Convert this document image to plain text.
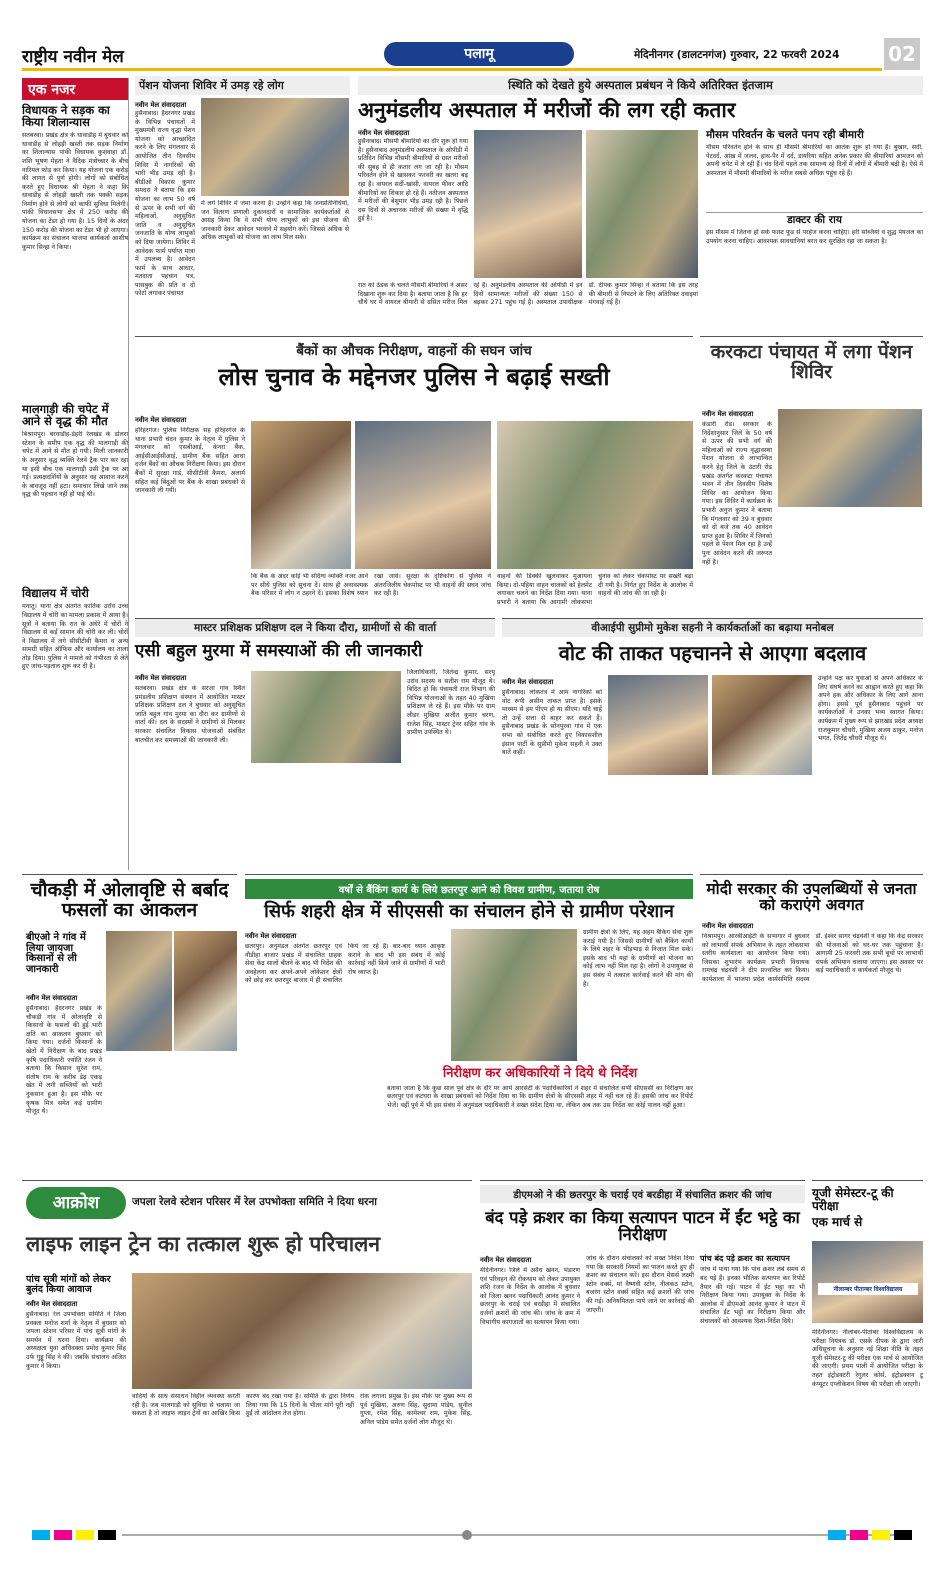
राष्ट्रीय नवीन मेल	पलामू	मेदिनीनगर (डालटनगंज) गुरुवार, 22 फरवरी 2024 02
एक नजर
विधायक ने सड़क का किया शिलान्यास
सतबरवा। प्रखंड क्षेत्र के धावाडीह में बुधवार को धावाडीह से लोहड़ी खस्ती तक सड़क निर्माण का शिलान्यास पांकी विधायक कुशवाहा डॉ. शशि भूषण मेहता ने वैदिक मंत्रोच्चार के बीच नारियल फोड़ कर किया। यह योजना एक करोड़ की लागत से पूर्ण होगी। लोगों को संबोधित करते हुए विधायक श्री मेहता ने कहा कि धावाडीह से लोहड़ी खस्ती तक पक्की सड़क निर्माण होने से लोगों को काफी सुविधा मिलेगी। पांकी विधानसभा क्षेत्र में 250 करोड़ की योजना का टेंडर हो गया है। 15 दिनों के अंदर 150 करोड़ की योजना का टेंडर भी हो जाएगा। कार्यक्रम का संचालन भाजपा कार्यकर्ता आशीष कुमार सिन्हा ने किया।
मालगाड़ी की चपेट में आने से वृद्ध की मौत
बिश्रामपुर। बरवाडीह-डेहरी रेलखंड के डोलरा स्टेशन के समीप एक वृद्ध की मालगाड़ी की चपेट में आने से मौत हो गयी। मिली जानकारी के अनुसार वृद्ध व्यक्ति रेलवे ट्रैक पार कर रहा था इसी बीच एक मालगाड़ी उसी ट्रैक पर आ गई। प्रत्यक्षदर्शियों के अनुसार वह आवाज करने के बावजूद नहीं हटा। समाचार लिखे जाने तक वृद्ध की पहचान नहीं हो पाई थी।
विद्यालय में चोरी
मनातू। थाना क्षेत्र अंतर्गत कार्तिक उराँव उच्च विद्यालय में चोरी का मामला प्रकाश में आया है। सूत्रों ने बताया कि रात के अंधेरे में चोरों ने विद्यालय से कई सामान की चोरी कर ली। चोरों ने विद्यालय में लगे सीसीटीवी कैमरा व अन्य सामग्री सहित ऑफिस और कार्यालय का ताला तोड़ दिया। पुलिस ने मामले को गंभीरता से लेते हुए जांच-पड़ताल शुरू कर दी है।
पेंशन योजना शिविर में उमड़ रहे लोग
नवीन मेल संवाददाता
हुसैनाबाद। हैदरनगर प्रखंड के विभिन्न पंचायतों में मुख्यमंत्री राज्य वृद्धा पेंशन योजना को आच्छादित करने के लिए मंगलवार से आयोजित तीन दिवसीय शिविर में नागरिकों की भारी भीड़ उमड़ रही है। बीडीओ विकास कुमार समदरा ने बताया कि इस योजना का लाभ 50 वर्ष से ऊपर के सभी वर्ग की महिलाओं, अनुसूचित जाति व अनुसूचित जनजाति के योग्य लाभुकों को दिया जायेगा। शिविर में आवेदक फार्म पर्याप्त मात्रा में उपलब्ध है। आवेदन फार्म के साथ आधार, मतदाता पहचान पत्र, पासबुक की प्रति व दो फोटो लगाकर पंचायत
में लगे शिविर में जमा करना है। उन्होंने कहा कि जनप्रतिनिधियों, जन वितरण प्रणाली दुकानदारों व सामाजिक कार्यकर्ताओं से आग्रह किया कि वे सभी योग्य लाभुकों को इस योजना की जानकारी देकर आवेदन भरवाने में सहयोग करें। जिससे अधिक से अधिक लाभुकों को योजना का लाभ मिल सके।
स्थिति को देखते हुये अस्पताल प्रबंधन ने किये अतिरिक्त इंतजाम
अनुमंडलीय अस्पताल में मरीजों की लग रही कतार
नवीन मेल संवाददाता
हुसैनाबाद। मौसमी बीमारियों का दौर शुरू हो गया है। हुसैनाबाद अनुमंडलीय अस्पताल के ओपीडी में प्रतिदिन विभिन्न मौसमी बीमारियों से ग्रस्त मरीजों की सुबह से ही कतार लग जा रही है। मौसम परिवर्तन होने से खासकर फरवरी का खतरा बढ़ रहा है। वायरल सर्दी-खांसी, वायरल फीवर आदि बीमारियों का शिकार हो रहे हैं। नतीजन अस्पताल में मरीजों की बेशुमार भीड़ उमड़ रही है। पिछले दस दिनों से अचानक मरीजों की संख्या में वृद्धि हुई है।
रात को ठंडक के चलते मौसमी बीमारियों ने असर दिखाना शुरू कर दिया है। बताया जाता है कि हर चौथे घर में वायरल बीमारी से ग्रसित मरीज मिल रहे हैं। अनुमंडलीय अस्पताल की ओपीडी में इन दिनों सामान्यतः मरीजों की संख्या 150 से बढ़कर 271 पहुंच गई है। अस्पताल उपाधीक्षक डॉ. दीपक कुमार सिन्हा ने बताया कि इस तरह की बीमारी से निपटने के लिए अतिरिक्त दवाइयां मंगवाई गई हैं।
मौसम परिवर्तन के चलते पनप रही बीमारी
मौसम परिवर्तन होने के साथ ही मौसमी बीमारियों का आतंक शुरू हो गया है। बुखार, सर्दी, पेटदर्द, आंख में जलन, हाथ-पैर में दर्द, डायरिया सहित अनेक प्रकार की बीमारियां आमजन को अपनी चपेट में ले रही हैं। चंद दिनों पहले तक सामान्य रहे दिनों में लोगों में बीमारी बढ़ी है। ऐसे में अस्पताल में मौसमी बीमारियों के मरीज सबसे अधिक पहुंच रहे हैं।
डाक्टर की राय
इस मौसम में जितना हो सके फास्ट फूड से परहेज करना चाहिए। हरी सब्जियां व शुद्ध पेयजल का उपयोग करना चाहिए। आवश्यक सावधानियां बरत कर सुरक्षित रहा जा सकता है।
बैंकों का औचक निरीक्षण, वाहनों की सघन जांच
लोस चुनाव के मद्देनजर पुलिस ने बढ़ाई सख्ती
नवीन मेल संवाददाता
हरिहरगंज। पुलिस निरीक्षक सह हरिहरगंज के थाना प्रभारी चंदन कुमार के नेतृत्व में पुलिस ने मंगलवार को एसबीआई, केनरा बैंक, आईसीआईसीआई, ग्रामीण बैंक सहित आधा दर्जन बैंकों का औचक निरीक्षण किया। इस दौरान बैंकों में सुरक्षा गार्ड, सीसीटीवी कैमरा, अलार्म सहित कई बिंदुओं पर बैंक के शाखा प्रबंधकों से जानकारी ली गयी।
कि बैंक के अंदर कोई भी संदिग्ध व्यक्ति नजर आने पर सीधे पुलिस को सूचना दें। साथ ही अनावश्यक बैंक परिसर में लोग न ठहरने दें। इसका विशेष ध्यान रखा जाये। सुरक्षा के दृष्टिकोण से पुलिस ने अंतरजिलीय चेकपोस्ट पर भी वाहनों की सघन जांच कर रही है।
वाहनों की डिक्की खुलवाकर मुआयना किया। दो-पहिया वाहन चालकों को हेलमेट लगाकर चलने का निर्देश दिया गया। थाना प्रभारी ने बताया कि आगामी लोकसभा चुनाव को लेकर चेकपोस्ट पर सख्ती बढ़ा दी गयी है। निर्गत हुए निर्देश के आलोक में वाहनों की जांच की जा रही है।
करकटा पंचायत में लगा पेंशन शिविर
नवीन मेल संवाददाता
कंडारी रोड। सरकार के निर्देशानुसार जिले के 50 वर्ष से ऊपर की सभी वर्ग की महिलाओं को राज्य वृद्धावस्था पेंशन योजना से लाभान्वित करने हेतु जिले के उंटारी रोड प्रखंड अंतर्गत करकटा पंचायत भवन में तीन दिवसीय विशेष शिविर का आयोजन किया गया। इस शिविर में कार्यक्रम के प्रभारी अनुज कुमार ने बताया कि मंगलवार को 39 व बुधवार को दो बजे तक 40 आवेदन प्राप्त हुआ है। शिविर में जिनको पहले से पेंशन मिल रहा है उन्हें पुनः आवेदन करने की जरूरत नहीं है।
मास्टर प्रशिक्षक प्रशिक्षण दल ने किया दौरा, ग्रामीणों से की वार्ता
एसी बहुल मुरमा में समस्याओं की ली जानकारी
नवीन मेल संवाददाता
सतबरवा। प्रखंड क्षेत्र के सरजा गांव स्थित प्रमंडलीय प्रशिक्षण संस्थान में आयोजित मास्टर प्रशिक्षक प्रशिक्षण दल ने बुधवार को अनुसूचित जाति बहुल गांव मुरमा का दौरा कर ग्रामीणों से वार्ता की। दल के सदस्यों ने ग्रामीणों से मिलकर सरकार संचालित विकास योजनाओं संबंधित बातचीत कर समस्याओं की जानकारी ली।
जिलाधिकारी, जितेन्द्र कुमार, सरयू उरांव सदस्य व सतीश राम मौजूद थे। बिदित हो कि पंचायती राज विभाग की विभिन्न योजनाओं के तहत 40 मुखिया प्रशिक्षण ले रहे हैं। इस मौके पर ग्राम लीडर मुखिया अजीत कुमार चरण, राजेश सिंह, मास्टर ट्रेनर सहित गांव के ग्रामीण उपस्थित थे।
वीआईपी सुप्रीमो मुकेश सहनी ने कार्यकर्ताओं का बढ़ाया मनोबल
वोट की ताकत पहचानने से आएगा बदलाव
नवीन मेल संवाददाता
हुसैनाबाद। लोकतंत्र में आम नागरिकों को वोट रूपी असीम ताकत प्राप्त है। इसके माध्यम से हम पीएम हो या सीएम। यदि चाहें तो उन्हें सत्ता से बाहर कर सकते हैं। हुसैनाबाद प्रखंड के सोनपुरवा गांव में एक सभा को संबोधित करते हुए विकासशील इंसान पार्टी के सुप्रीमो मुकेश सहनी ने उक्त बातें कहीं।
उन्होंने पक्ष कर युवाओं से अपने अधिकार के लिए संघर्ष करने का आह्वान करते हुए कहा कि अपने हक और अधिकार के लिए आगे आना होगा। इससे पूर्व हुसैनाबाद पहुंचने पर कार्यकर्ताओं ने उनका भव्य स्वागत किया। कार्यक्रम में मुख्य रूप से झारखंड प्रदेश अध्यक्ष राजकुमार चौधरी, मुखिया अजय ठाकुर, मनोज भगत, जितेंद्र चौधरी मौजूद थे।
चौकड़ी में ओलावृष्टि से बर्बाद फसलों का आकलन
बीएओ ने गांव में लिया जायजा किसानों से ली जानकारी
नवीन मेल संवाददाता
हुसैनाबाद। हैदरनगर प्रखंड के चौकड़ी गांव में ओलावृष्टि से किसानों के फसलों की हुई भारी क्षति का आकलन बुधवार को किया गया। दर्जनों किसानों के खेतों में निरीक्षण के बाद प्रखंड कृषि पदाधिकारी ज्योति रंजन ने बताया कि किसान सुरेश राम, संतोष राम के करीब डेढ़ एकड़ खेत में लगी सब्जियों को भारी नुकसान हुआ है। इस मौके पर कृषक मित्र समेत कई ग्रामीण मौजूद थे।
वर्षों से बैंकिंग कार्य के लिये छतरपुर आने को विवश ग्रामीण, जताया रोष
सिर्फ शहरी क्षेत्र में सीएससी का संचालन होने से ग्रामीण परेशान
नवीन मेल संवाददाता
छतरपुर। अनुमंडल अंतर्गत छतरपुर एवं नौडीहा बाजार प्रखंड में संचालित ग्राहक सेवा केंद्र सालों बीतने के बाद भी निर्देश की अवहेलना कर अपने-अपने लोकेशन क्षेत्रों को छोड़ कर छतरपुर बाजार में ही संचालित किये जा रहे हैं। बार-बार ध्यान आकृष्ट कराने के बाद भी इस संबंध में कोई कार्रवाई नहीं किये जाने से ग्रामीणों में भारी रोष व्याप्त है।
ग्रामीण क्षेत्रों के लिए, यह अहम बैंकिंग सेवा शुरू कराई गयी है। जिससे ग्रामीणों को बैंकिंग कार्यों के लिये शहर के भीड़भाड़ से निजात मिल सके। इसके बाद भी यहां के ग्रामीणों को योजना का कोई लाभ नहीं मिल रहा है। लोगों ने उपायुक्त से इस संबंध में तत्काल कार्रवाई करने की मांग की है।
निरीक्षण कर अधिकारियों ने दिये थे निर्देश
बताया जाता है कि कुछ साल पूर्व क्षेत्र के दौरे पर आये आरसेटी के पदाधिकारियों ने शहर में संचालित सभी सीएससी का निरीक्षण कर छतरपुर एवं कटघरा के शाखा प्रबंधकों को निर्देश दिया था कि ग्रामीण क्षेत्रों के सीएससी शहर में नहीं चल रहे हैं। इसकी जांच कर रिपोर्ट भेजें। वहीं पूर्व में भी इस संबंध में अनुमंडल पदाधिकारी ने सख्त संदेश दिया था, लेकिन अब तक उस निर्देश का कोई पालन नहीं हुआ।
मोदी सरकार की उपलब्धियों से जनता को कराएंगे अवगत
नवीन मेल संवाददाता
विश्रामपुर। आरबीआईटी के सभागार में बुधवार को लाभार्थी संपर्क अभियान के तहत लोकसभा स्तरीय कार्यशाला का आयोजन किया गया। जिसका शुभारंभ कार्यक्रम प्रभारी विधायक रामचंद्र चंद्रवंशी ने दीप प्रज्वलित कर किया। कार्यशाला में भाजपा प्रदेश कार्यसमिति सदस्य डॉ. ईश्वर सागर चंद्रवंशी ने कहा कि केंद्र सरकार की योजनाओं को घर-घर तक पहुंचाना है। आगामी 25 फरवरी तक सभी बूथों पर लाभार्थी संपर्क अभियान चलाया जाएगा। इस अवसर पर कई पदाधिकारी व कार्यकर्ता मौजूद थे।
आक्रोश	जपला रेलवे स्टेशन परिसर में रेल उपभोक्ता समिति ने दिया धरना
लाइफ लाइन ट्रेन का तत्काल शुरू हो परिचालन
पांच सूत्री मांगों को लेकर बुलंद किया आवाज
नवीन मेल संवाददाता
हुसैनाबाद। रेल उपभोक्ता समिति ने जिला प्रवक्ता मनोज शर्मा के नेतृत्व में बुधवार को जपला स्टेशन परिसर में पांच सूत्री मांगों के समर्थन में धरना दिया। कार्यक्रम की अध्यक्षता युवा अधिवक्ता प्रमोद कुमार सिंह उर्फ गुड्डू सिंह ने की। जबकि संचालन अजित कुमार ने किया।
वादियों के साथ संसाधन विहीन व्यवस्था करती रही है। जब मालगाड़ी को सुविधा से चलाया जा सकता है तो लाइफ लाइन ट्रेनों का आखिर किस कारण बंद रखा गया है। समिति के द्वारा निर्णय लिया गया कि 15 दिनों के भीतर मांगें पूरी नहीं हुईं तो आंदोलन तेज होगा।
रोक लगाना प्रमुख है। इस मौके पर मुख्य रूप से पूर्व मुखिया, अरुण सिंह, सुदामा पांडेय, सुनील गुप्ता, रमेश सिंह, कामेश्वर राम, मुकेश सिंह, अनिल पांडेय समेत दर्जनों लोग मौजूद थे।
डीएमओ ने की छतरपुर के चराई एवं बरडीहा में संचालित क्रशर की जांच
बंद पड़े क्रशर का किया सत्यापन पाटन में ईंट भट्ठे का निरीक्षण
नवीन मेल संवाददाता
मेदिनीनगर। जिले में अवैध खनन, भंडारण एवं परिवहन की रोकथाम को लेकर उपायुक्त शशि रंजन के निर्देश के आलोक में बुधवार को जिला खनन पदाधिकारी आनंद कुमार ने छतरपुर के चराई एवं बरडीहा में संचालित दर्जनों क्रशरों की जांच की। जांच के क्रम में विभागीय कागजातों का सत्यापन किया गया।
जांच के दौरान संचालकों को सख्त निर्देश दिया गया कि सरकारी नियमों का पालन करते हुए ही क्रशर का संचालन करें। इस दौरान मेसर्स लक्ष्मी स्टोन वर्क्स, मां वैष्णवी स्टोन, नीलकंठ स्टोन, बजरंग स्टोन वर्क्स सहित कई क्रशरों की जांच की गई। अनियमितता पाये जाने पर कार्रवाई की जाएगी।
पांच बंद पड़े क्रशर का सत्यापन
जांच में पाया गया कि पांच क्रशर लंबे समय से बंद पड़े हैं। इनका भौतिक सत्यापन कर रिपोर्ट तैयार की गई। पाटन में ईंट भट्ठा का भी निरीक्षण किया गया। उपायुक्त के निर्देश के आलोक में डीएमओ आनंद कुमार ने पाटन में संचालित ईंट भट्ठों का निरीक्षण किया और संचालकों को आवश्यक दिशा-निर्देश दिये।
यूजी सेमेस्टर-टू की परीक्षा
एक मार्च से
नीलाम्बर पीताम्बर विश्वविद्यालय
मेदिनीनगर। नीलांबर-पीतांबर विश्वविद्यालय के परीक्षा नियंत्रक डॉ. एसके दीपक के द्वारा जारी अधिसूचना के अनुसार नई शिक्षा नीति के तहत यूजी सेमेस्टर-टू की परीक्षा एक मार्च से आयोजित की जाएगी। प्रथम पाली में आयोजित परीक्षा के तहत इंट्रोडक्टरी रेगुलर कोर्स, इंट्रोडक्शन टू कंप्यूटर एप्लीकेशन विषय की परीक्षा ली जाएगी।
